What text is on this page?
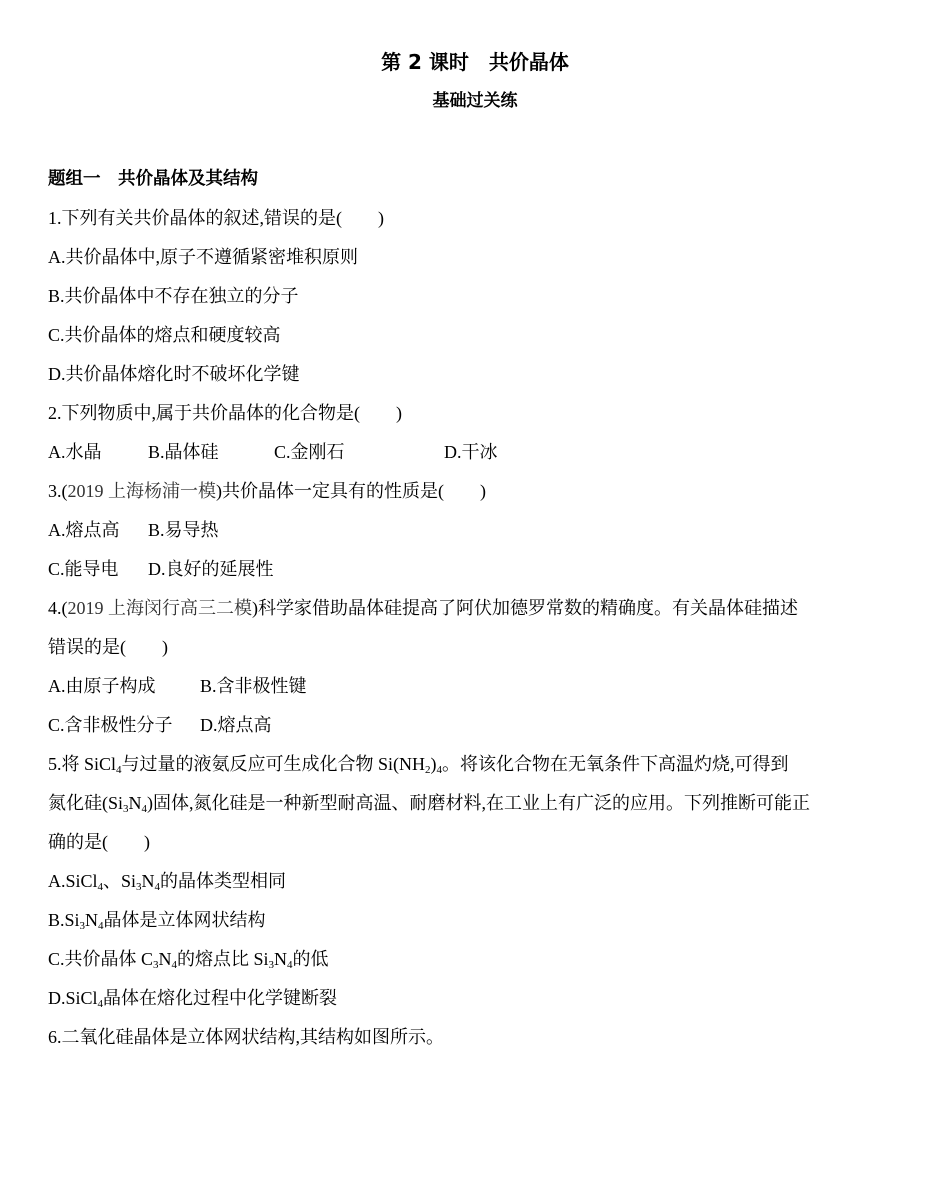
第 2 课时　共价晶体
基础过关练
题组一　共价晶体及其结构
1.下列有关共价晶体的叙述,错误的是(　　)
A.共价晶体中,原子不遵循紧密堆积原则
B.共价晶体中不存在独立的分子
C.共价晶体的熔点和硬度较高
D.共价晶体熔化时不破坏化学键
2.下列物质中,属于共价晶体的化合物是(　　)
A.水晶	B.晶体硅	C.金刚石	D.干冰
3.(2019 上海杨浦一模)共价晶体一定具有的性质是(　　)
A.熔点高 B.易导热
C.能导电 D.良好的延展性
4.(2019 上海闵行高三二模)科学家借助晶体硅提高了阿伏加德罗常数的精确度。有关晶体硅描述
错误的是(　　)
A.由原子构成 B.含非极性键
C.含非极性分子 D.熔点高
5.将 SiCl$_4$与过量的液氨反应可生成化合物 $Si(NH_2)_4$。将该化合物在无氧条件下高温灼烧,可得到
氮化硅$(Si_3N_4)$固体,氮化硅是一种新型耐高温、耐磨材料,在工业上有广泛的应用。下列推断可能正
确的是(　　)
A.SiCl$_4$、$Si_3N_4$的晶体类型相同
$B.Si_3N_4$晶体是立体网状结构
C.共价晶体 $C_3N_4$的熔点比 $Si_3N_4$的低
D.SiCl$_4$晶体在熔化过程中化学键断裂
6.二氧化硅晶体是立体网状结构,其结构如图所示。
